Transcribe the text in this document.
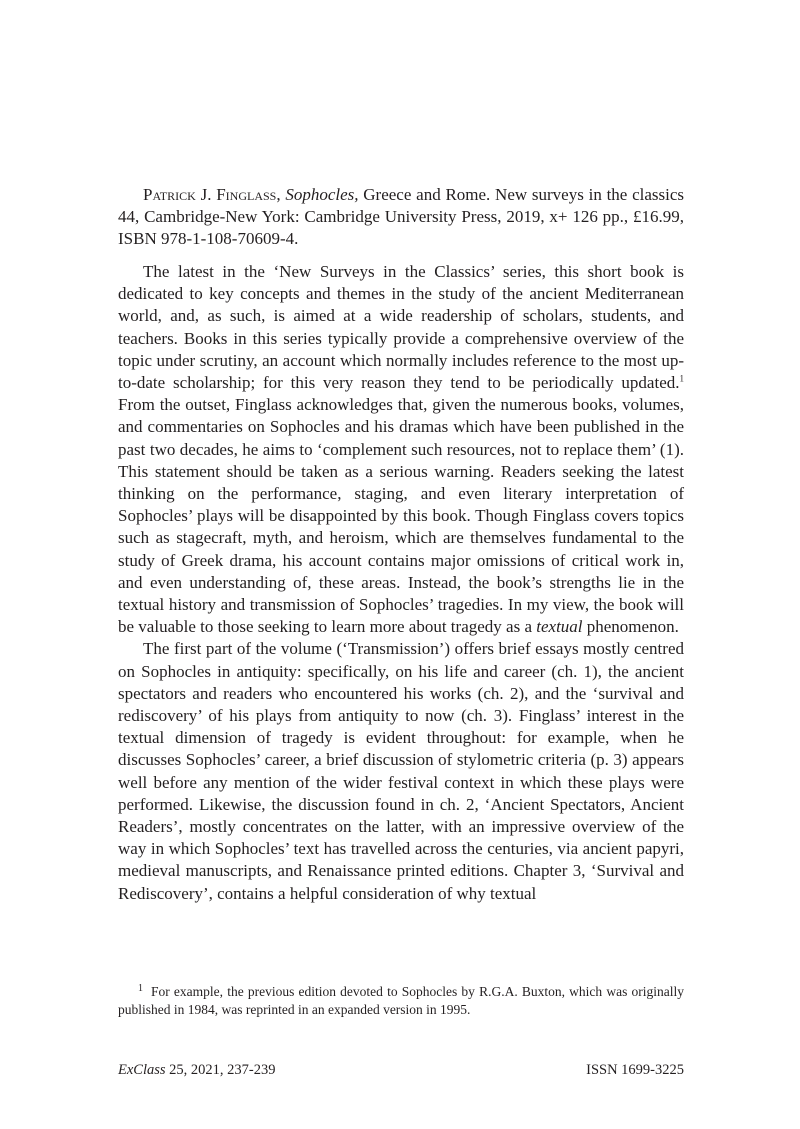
Patrick J. Finglass, Sophocles, Greece and Rome. New surveys in the classics 44, Cambridge-New York: Cambridge University Press, 2019, x+ 126 pp., £16.99, ISBN 978-1-108-70609-4.

The latest in the ‘New Surveys in the Classics’ series, this short book is dedicated to key concepts and themes in the study of the ancient Mediterranean world, and, as such, is aimed at a wide readership of scholars, students, and teachers. Books in this series typically provide a comprehensive overview of the topic under scrutiny, an account which normally includes reference to the most up-to-date scholarship; for this very reason they tend to be periodically updated.$^1$ From the outset, Finglass acknowledges that, given the numerous books, volumes, and commentaries on Sophocles and his dramas which have been published in the past two decades, he aims to ‘complement such resources, not to replace them’ (1). This statement should be taken as a serious warning. Readers seeking the latest thinking on the performance, staging, and even literary interpretation of Sophocles’ plays will be disappointed by this book. Though Finglass covers topics such as stagecraft, myth, and heroism, which are themselves fundamental to the study of Greek drama, his account contains major omissions of critical work in, and even understanding of, these areas. Instead, the book’s strengths lie in the textual history and transmission of Sophocles’ tragedies. In my view, the book will be valuable to those seeking to learn more about tragedy as a textual phenomenon.

The first part of the volume (‘Transmission’) offers brief essays mostly centred on Sophocles in antiquity: specifically, on his life and career (ch. 1), the ancient spectators and readers who encountered his works (ch. 2), and the ‘survival and rediscovery’ of his plays from antiquity to now (ch. 3). Finglass’ interest in the textual dimension of tragedy is evident throughout: for example, when he discusses Sophocles’ career, a brief discussion of stylometric criteria (p. 3) appears well before any mention of the wider festival context in which these plays were performed. Likewise, the discussion found in ch. 2, ‘Ancient Spectators, Ancient Readers’, mostly concentrates on the latter, with an impressive overview of the way in which Sophocles’ text has travelled across the centuries, via ancient papyri, medieval manuscripts, and Renaissance printed editions. Chapter 3, ‘Survival and Rediscovery’, contains a helpful consideration of why textual

$^1$ For example, the previous edition devoted to Sophocles by R.G.A. Buxton, which was originally published in 1984, was reprinted in an expanded version in 1995.

ExClass 25, 2021, 237-239	ISSN 1699-3225
